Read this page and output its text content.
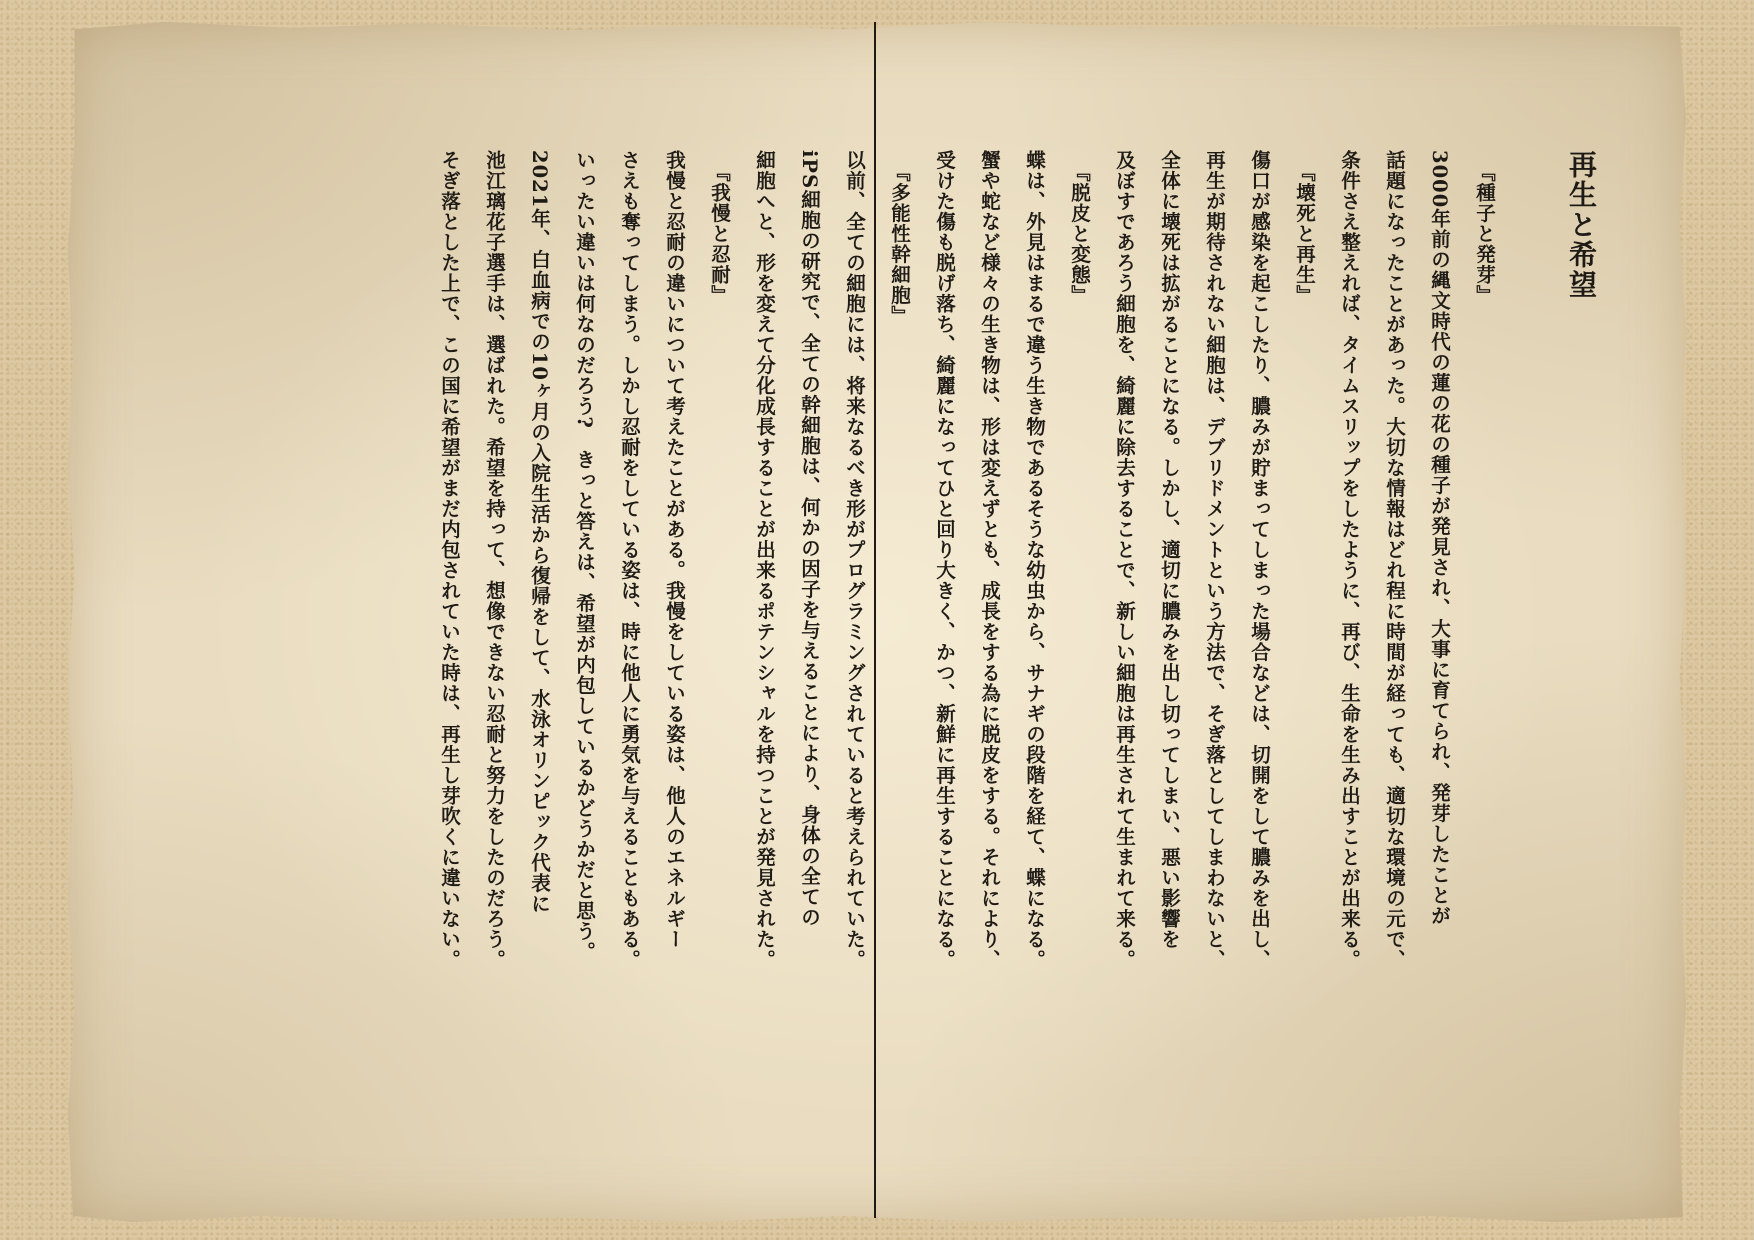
再生と希望
『種子と発芽』
3000年前の縄文時代の蓮の花の種子が発見され、大事に育てられ、発芽したことが
話題になったことがあった。大切な情報はどれ程に時間が経っても、適切な環境の元で、
条件さえ整えれば、タイムスリップをしたように、再び、生命を生み出すことが出来る。
『壊死と再生』
傷口が感染を起こしたり、膿みが貯まってしまった場合などは、切開をして膿みを出し、
再生が期待されない細胞は、デブリドメントという方法で、そぎ落としてしまわないと、
全体に壊死は拡がることになる。しかし、適切に膿みを出し切ってしまい、悪い影響を
及ぼすであろう細胞を、綺麗に除去することで、新しい細胞は再生されて生まれて来る。
『脱皮と変態』
蝶は、外見はまるで違う生き物であるそうな幼虫から、サナギの段階を経て、蝶になる。
蟹や蛇など様々の生き物は、形は変えずとも、成長をする為に脱皮をする。それにより、
受けた傷も脱げ落ち、綺麗になってひと回り大きく、かつ、新鮮に再生することになる。
『多能性幹細胞』
以前、全ての細胞には、将来なるべき形がプログラミングされていると考えられていた。
iPS細胞の研究で、全ての幹細胞は、何かの因子を与えることにより、身体の全ての
細胞へと、形を変えて分化成長することが出来るポテンシャルを持つことが発見された。
『我慢と忍耐』
我慢と忍耐の違いについて考えたことがある。我慢をしている姿は、他人のエネルギー
さえも奪ってしまう。しかし忍耐をしている姿は、時に他人に勇気を与えることもある。
いったい違いは何なのだろう?　きっと答えは、希望が内包しているかどうかだと思う。
2021年、白血病での10ヶ月の入院生活から復帰をして、水泳オリンピック代表に
池江璃花子選手は、選ばれた。希望を持って、想像できない忍耐と努力をしたのだろう。
そぎ落とした上で、この国に希望がまだ内包されていた時は、再生し芽吹くに違いない。
